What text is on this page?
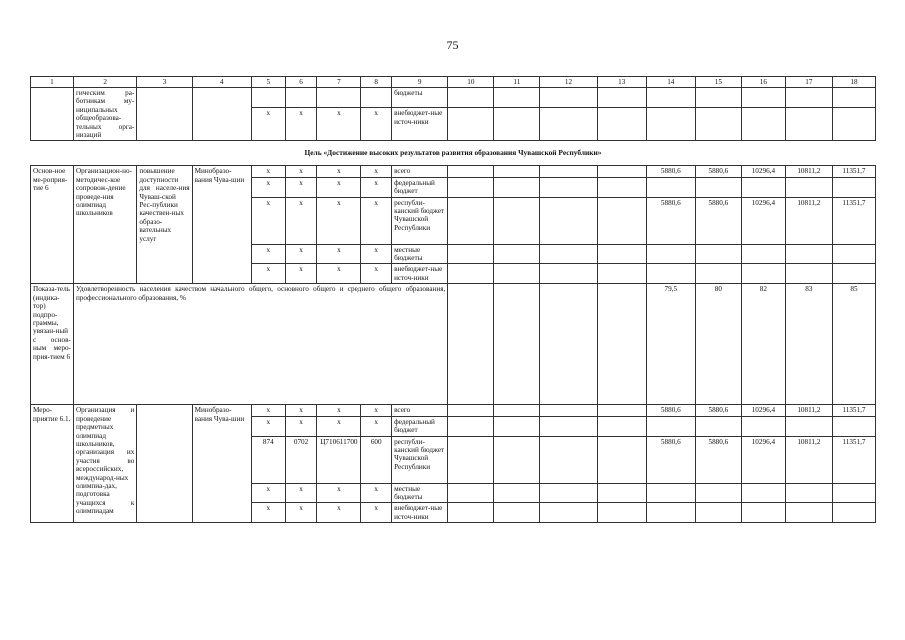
75
1	2	3	4	5	6	7	8	9	10	11	12	13	14	15	16	17	18
	гическим ра-ботникам му-ниципальных общеобразова-тельных орга-низаций							бюджеты									
				x	x	x	x	внебюджет-ные источ-ники									
Цель «Достижение высоких результатов развития образования Чувашской Республики»																	
Основ-ное ме-роприя-тие 6	Организацион-но-методичес-кое сопровож-дение проведе-ния олимпиад школьников	повышение доступности для населе-ния Чуваш-ской Рес-публики качествен-ных образо-вательных услуг	Минобразо-вания Чува-шии	x	x	x	x	всего					5880,6	5880,6	10296,4	10811,2	11351,7
				x	x	x	x	федеральный бюджет									
				x	x	x	x	республи-канский бюджет Чувашской Республики					5880,6	5880,6	10296,4	10811,2	11351,7
				x	x	x	x	местные бюджеты									
				x	x	x	x	внебюджет-ные источ-ники									
Показа-тель (индика-тор) подпро-граммы, увязан-ный с основ-ным меро-прия-тием 6	Удовлетворенность населения качеством начального общего, основного общего и среднего общего образования, профессионального образования, %												79,5	80	82	83	85
Меро-приятие 6.1.	Организация и проведение предметных олимпиад школьников, организация их участия во всероссийских, международ-ных олимпиа-дах, подготовка учащихся к олимпиадам		Минобразо-вания Чува-шии	x	x	x	x	всего					5880,6	5880,6	10296,4	10811,2	11351,7
				x	x	x	x	федеральный бюджет									
				874	0702	Ц710611700	600	республи-канский бюджет Чувашской Республики					5880,6	5880,6	10296,4	10811,2	11351,7
				x	x	x	x	местные бюджеты									
				x	x	x	x	внебюджет-ные источ-ники									
